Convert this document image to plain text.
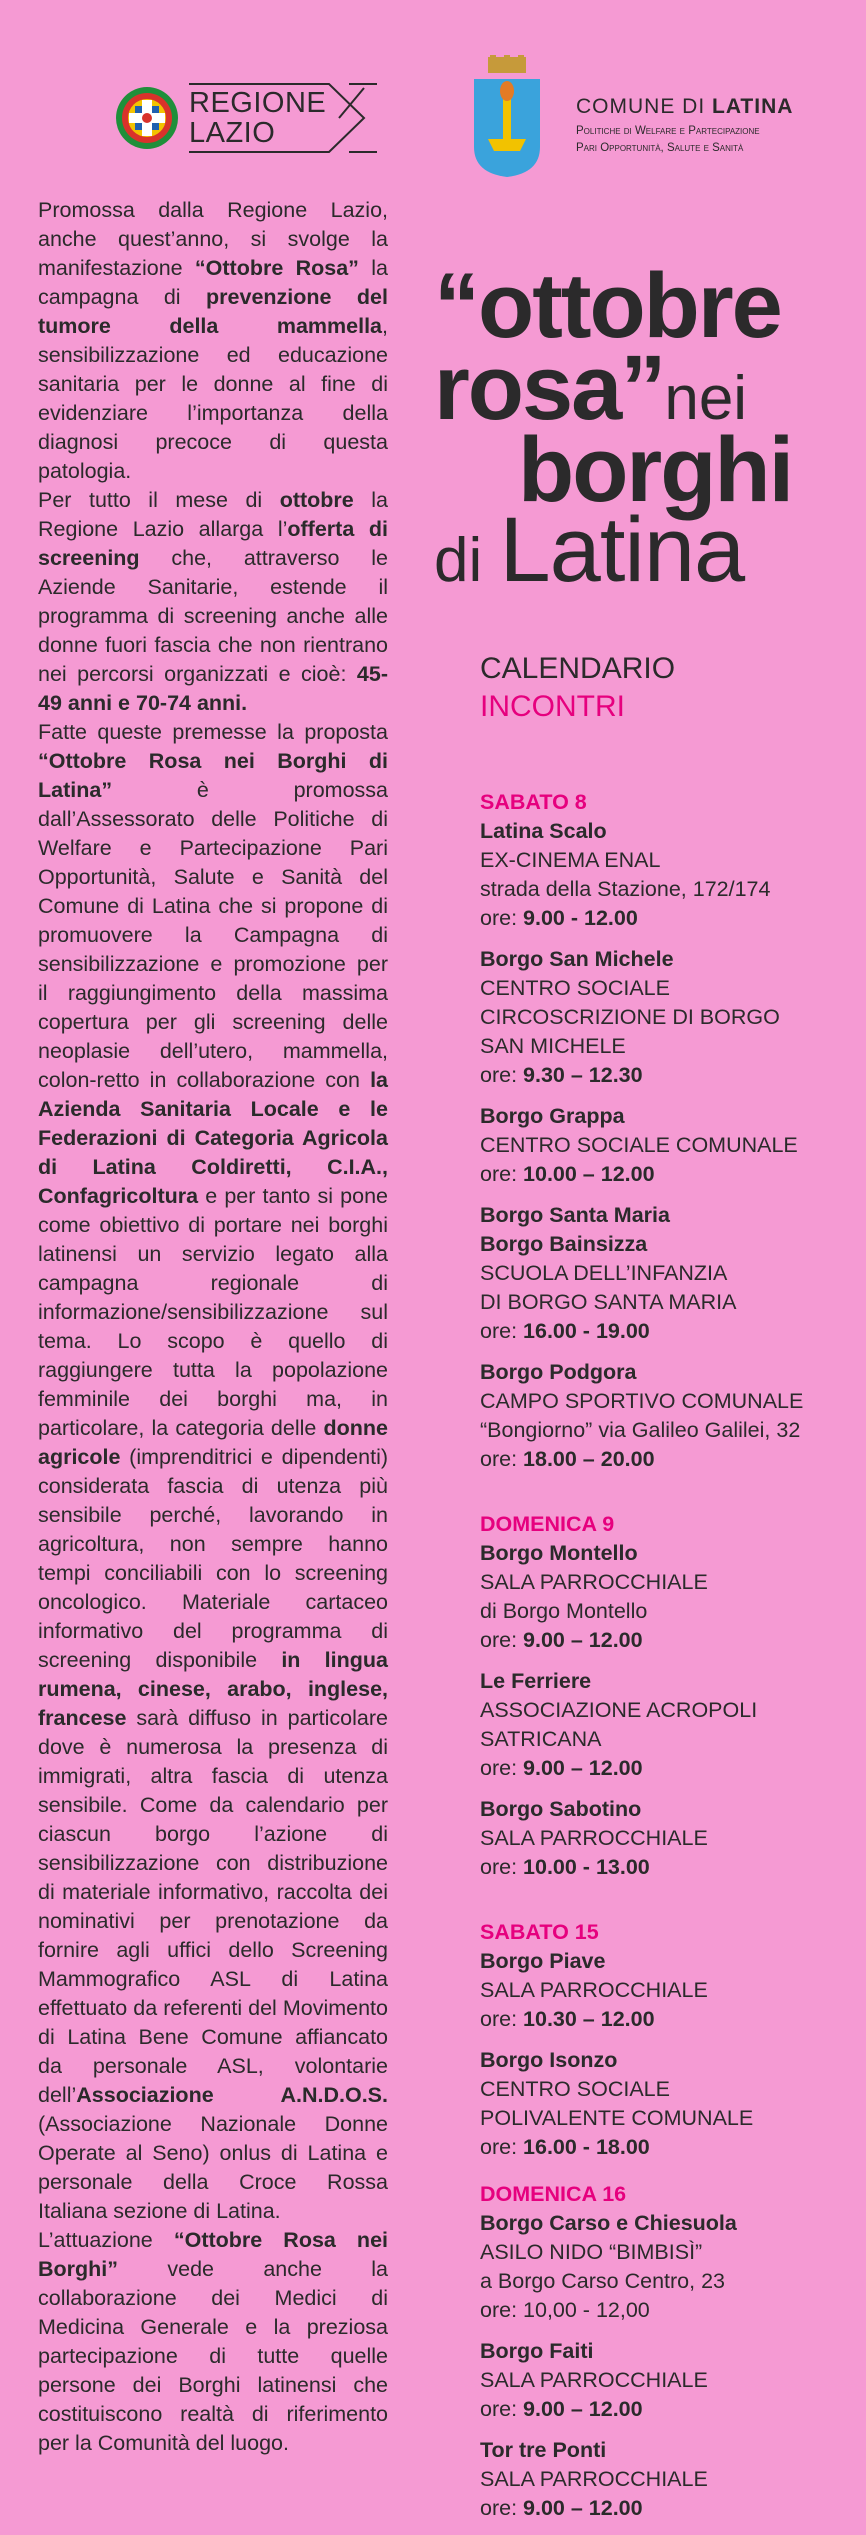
REGIONE
LAZIO
COMUNE DI LATINA
Politiche di Welfare e Partecipazione
Pari Opportunità, Salute e Sanità

Promossa dalla Regione Lazio, anche quest’anno, si svolge la manifestazione “Ottobre Rosa” la campagna di prevenzione del tumore della mammella, sensibilizzazione ed educazione sanitaria per le donne al fine di evidenziare l’importanza della diagnosi precoce di questa patologia.

Per tutto il mese di ottobre la Regione Lazio allarga l’offerta di screening che, attraverso le Aziende Sanitarie, estende il programma di screening anche alle donne fuori fascia che non rientrano nei percorsi organizzati e cioè: 45-49 anni e 70-74 anni.

Fatte queste premesse la proposta “Ottobre Rosa nei Borghi di Latina” è promossa dall’Assessorato delle Politiche di Welfare e Partecipazione Pari Opportunità, Salute e Sanità del Comune di Latina che si propone di promuovere la Campagna di sensibilizzazione e promozione per il raggiungimento della massima copertura per gli screening delle neoplasie dell’utero, mammella, colon-retto in collaborazione con la Azienda Sanitaria Locale e le Federazioni di Categoria Agricola di Latina Coldiretti, C.I.A., Confagricoltura e per tanto si pone come obiettivo di portare nei borghi latinensi un servizio legato alla campagna regionale di informazione/sensibilizzazione sul tema. Lo scopo è quello di raggiungere tutta la popolazione femminile dei borghi ma, in particolare, la categoria delle donne agricole (imprenditrici e dipendenti) considerata fascia di utenza più sensibile perché, lavorando in agricoltura, non sempre hanno tempi conciliabili con lo screening oncologico. Materiale cartaceo informativo del programma di screening disponibile in lingua rumena, cinese, arabo, inglese, francese sarà diffuso in particolare dove è numerosa la presenza di immigrati, altra fascia di utenza sensibile. Come da calendario per ciascun borgo l’azione di sensibilizzazione con distribuzione di materiale informativo, raccolta dei nominativi per prenotazione da fornire agli uffici dello Screening Mammografico ASL di Latina effettuato da referenti del Movimento di Latina Bene Comune affiancato da personale ASL, volontarie dell’Associazione A.N.D.O.S. (Associazione Nazionale Donne Operate al Seno) onlus di Latina e personale della Croce Rossa Italiana sezione di Latina.

L’attuazione “Ottobre Rosa nei Borghi” vede anche la collaborazione dei Medici di Medicina Generale e la preziosa partecipazione di tutte quelle persone dei Borghi latinensi che costituiscono realtà di riferimento per la Comunità del luogo.

“ottobre
rosa”nei
borghi
di Latina
CALENDARIO
INCONTRI
SABATO 8
Latina Scalo
EX-CINEMA ENAL
strada della Stazione, 172/174
ore: 9.00 - 12.00
Borgo San Michele
CENTRO SOCIALE
CIRCOSCRIZIONE DI BORGO
SAN MICHELE
ore: 9.30 – 12.30
Borgo Grappa
CENTRO SOCIALE COMUNALE
ore: 10.00 – 12.00
Borgo Santa Maria
Borgo Bainsizza
SCUOLA DELL’INFANZIA
DI BORGO SANTA MARIA
ore: 16.00 - 19.00
Borgo Podgora
CAMPO SPORTIVO COMUNALE
“Bongiorno” via Galileo Galilei, 32
ore: 18.00 – 20.00
DOMENICA 9
Borgo Montello
SALA PARROCCHIALE
di Borgo Montello
ore: 9.00 – 12.00
Le Ferriere
ASSOCIAZIONE ACROPOLI
SATRICANA
ore: 9.00 – 12.00
Borgo Sabotino
SALA PARROCCHIALE
ore: 10.00 - 13.00
SABATO 15
Borgo Piave
SALA PARROCCHIALE
ore: 10.30 – 12.00
Borgo Isonzo
CENTRO SOCIALE
POLIVALENTE COMUNALE
ore: 16.00 - 18.00
DOMENICA 16
Borgo Carso e Chiesuola
ASILO NIDO “BIMBISÌ”
a Borgo Carso Centro, 23
ore: 10,00 - 12,00
Borgo Faiti
SALA PARROCCHIALE
ore: 9.00 – 12.00
Tor tre Ponti
SALA PARROCCHIALE
ore: 9.00 – 12.00
